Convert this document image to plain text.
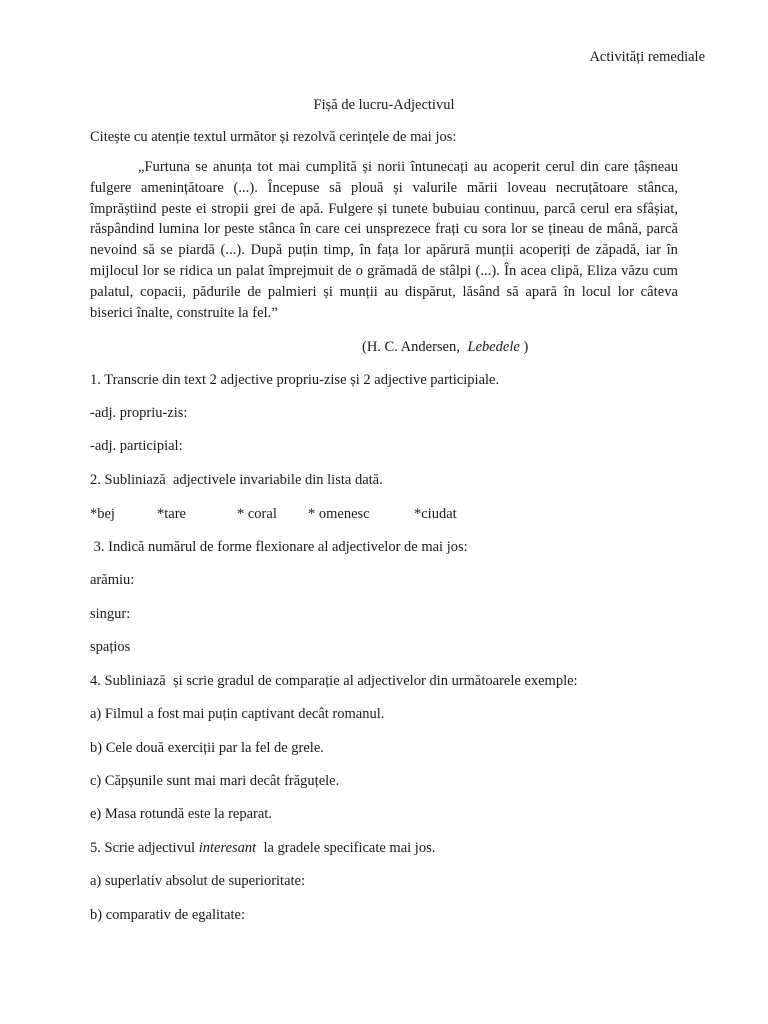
Activități remediale
Fișă de lucru-Adjectivul
Citește cu atenție textul următor și rezolvă cerințele de mai jos:
„Furtuna se anunța tot mai cumplită și norii întunecați au acoperit cerul din care țâșneau fulgere amenințătoare (...). Începuse să plouă și valurile mării loveau necruțătoare stânca, împrăștiind peste ei stropii grei de apă. Fulgere și tunete bubuiau continuu, parcă cerul era sfâșiat, răspândind lumina lor peste stânca în care cei unsprezece frați cu sora lor se țineau de mână, parcă nevoind să se piardă (...). După puțin timp, în fața lor apărură munții acoperiți de zăpadă, iar în mijlocul lor se ridica un palat împrejmuit de o grămadă de stâlpi (...). În acea clipă, Eliza văzu cum palatul, copacii, pădurile de palmieri și munții au dispărut, lăsând să apară în locul lor câteva biserici înalte, construite la fel.”
(H. C. Andersen, Lebedele )
1. Transcrie din text 2 adjective propriu-zise și 2 adjective participiale.
-adj. propriu-zis:
-adj. participial:
2. Subliniază  adjectivele invariabile din lista dată.
*bej	*tare	* coral * omenesc	*ciudat
3. Indică numărul de forme flexionare al adjectivelor de mai jos:
arămiu:
singur:
spațios
4. Subliniază  și scrie gradul de comparație al adjectivelor din următoarele exemple:
a) Filmul a fost mai puțin captivant decât romanul.
b) Cele două exerciții par la fel de grele.
c) Căpșunile sunt mai mari decât frăguțele.
e) Masa rotundă este la reparat.
5. Scrie adjectivul interesant  la gradele specificate mai jos.
a) superlativ absolut de superioritate:
b) comparativ de egalitate:
